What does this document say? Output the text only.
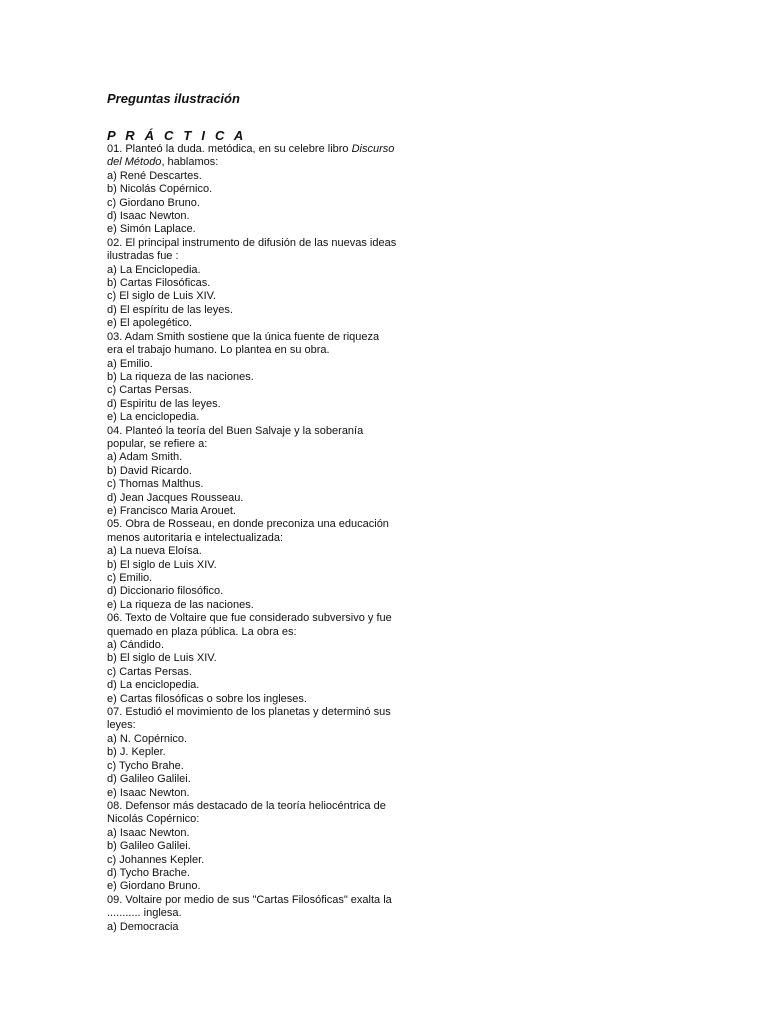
Preguntas ilustración
P R Á C T I C A
01. Planteó la duda. metódica, en su celebre libro Discurso
del Método, hablamos:
a) René Descartes.
b) Nicolás Copérnico.
c) Giordano Bruno.
d) Isaac Newton.
e) Simón Laplace.
02. El principal instrumento de difusión de las nuevas ideas
ilustradas fue :
a) La Enciclopedia.
b) Cartas Filosóficas.
c) El siglo de Luis XIV.
d) El espíritu de las leyes.
e) El apolegético.
03. Adam Smith sostiene que la única fuente de riqueza
era el trabajo humano. Lo plantea en su obra.
a) Emilio.
b) La riqueza de las naciones.
c) Cartas Persas.
d) Espiritu de las leyes.
e) La enciclopedia.
04. Planteó la teoría del Buen Salvaje y la soberanía
popular, se refiere a:
a) Adam Smith.
b) David Ricardo.
c) Thomas Malthus.
d) Jean Jacques Rousseau.
e) Francisco Maria Arouet.
05. Obra de Rosseau, en donde preconiza una educación
menos autoritaria e intelectualizada:
a) La nueva Eloísa.
b) El siglo de Luis XIV.
c) Emilio.
d) Diccionario filosófico.
e) La riqueza de las naciones.
06. Texto de Voltaire que fue considerado subversivo y fue
quemado en plaza pública. La obra es:
a) Cándido.
b) El siglo de Luis XIV.
c) Cartas Persas.
d) La enciclopedia.
e) Cartas filosóficas o sobre los ingleses.
07. Estudió el movimiento de los planetas y determinó sus
leyes:
a) N. Copérnico.
b) J. Kepler.
c) Tycho Brahe.
d) Galileo Galilei.
e) Isaac Newton.
08. Defensor más destacado de la teoría heliocéntrica de
Nicolás Copérnico:
a) Isaac Newton.
b) Galileo Galilei.
c) Johannes Kepler.
d) Tycho Brache.
e) Giordano Bruno.
09. Voltaire por medio de sus "Cartas Filosóficas" exalta la
........... inglesa.
a) Democracia
